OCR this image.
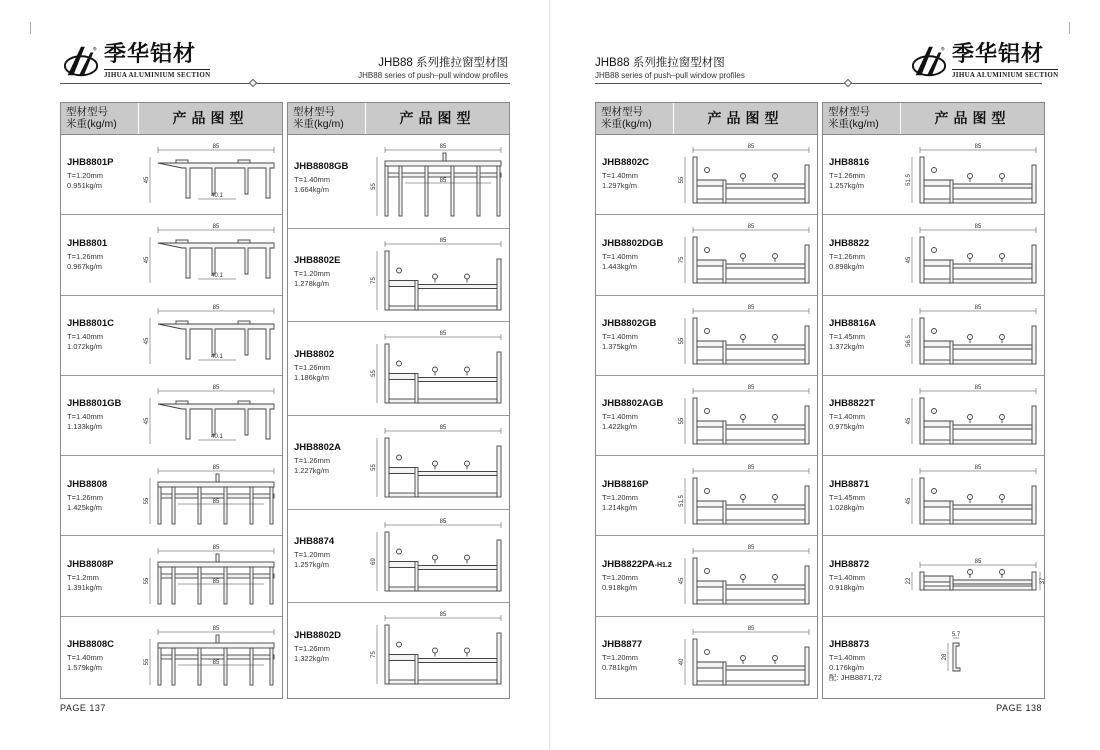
® 季华铝材
JIHUA ALUMINIUM SECTION
JHB88 系列推拉窗型材图
JHB88 series of push–pull window profiles
型材型号
米重(kg/m)	产品图型
JHB8801P
T=1.20mm
0.951kg/m
85
45
40.1
JHB8801
T=1.26mm
0.967kg/m
85
45
40.1
JHB8801C
T=1.40mm
1.072kg/m
85
45
40.1
JHB8801GB
T=1.40mm
1.133kg/m
85
45
40.1
JHB8808
T=1.26mm
1.425kg/m
85
55	85
JHB8808P
T=1.2mm
1.391kg/m
85
55	85
JHB8808C
T=1.40mm
1.579kg/m
85
55	85
型材型号
米重(kg/m)	产品图型
JHB8808GB
T=1.40mm
1.664kg/m
85
55
85
JHB8802E
T=1.20mm
1.278kg/m
85
75
JHB8802
T=1.26mm
1.186kg/m
85
55
JHB8802A
T=1.26mm
1.227kg/m
85
55
JHB8874
T=1.20mm
1.257kg/m
85
69
JHB8802D
T=1.26mm
1.322kg/m
85
75
PAGE 137
® 季华铝材
JIHUA ALUMINIUM SECTION
JHB88 系列推拉窗型材图
JHB88 series of push–pull window profiles
型材型号
米重(kg/m)	产品图型
JHB8802C
T=1.40mm
1.297kg/m
85
55
JHB8802DGB
T=1.40mm
1.443kg/m
85
75
JHB8802GB
T=1.40mm
1.375kg/m
85
55
JHB8802AGB
T=1.40mm
1.422kg/m
85
55
JHB8816P
T=1.20mm
1.214kg/m
85
51.5
JHB8822PA-H1.2
T=1.20mm
0.918kg/m
85
45
JHB8877
T=1.20mm
0.781kg/m
85
40
型材型号
米重(kg/m)	产品图型
JHB8816
T=1.26mm
1.257kg/m
85
51.5
JHB8822
T=1.26mm
0.898kg/m
85
45
JHB8816A
T=1.45mm
1.372kg/m
85
56.5
JHB8822T
T=1.40mm
0.975kg/m
85
45
JHB8871
T=1.45mm
1.028kg/m
85
45
JHB8872
T=1.40mm
0.918kg/m
85
22	37
JHB8873
T=1.40mm
0.176kg/m
配: JHB8871,72
5.7
28
PAGE 138
